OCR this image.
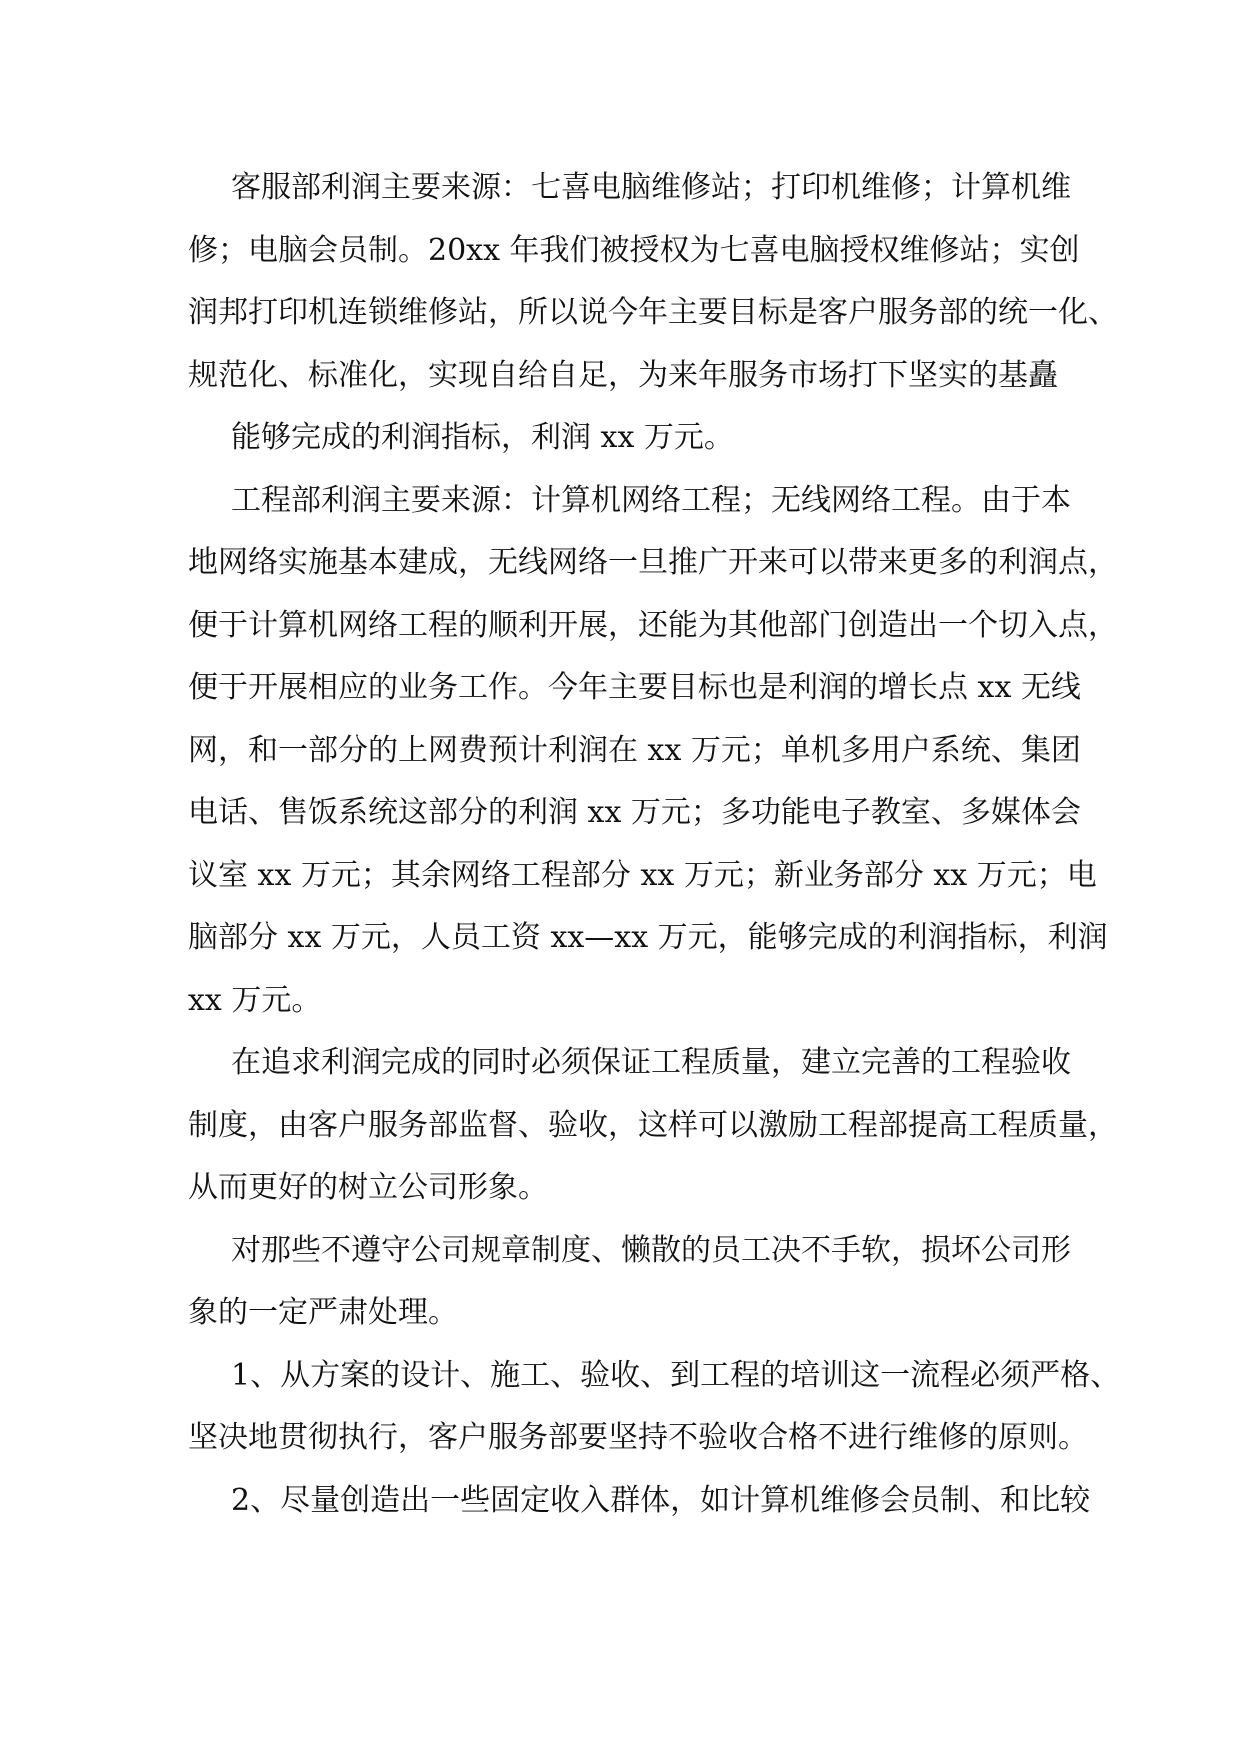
客服部利润主要来源：七喜电脑维修站；打印机维修；计算机维
修；电脑会员制。20xx 年我们被授权为七喜电脑授权维修站；实创
润邦打印机连锁维修站，所以说今年主要目标是客户服务部的统一化、
规范化、标准化，实现自给自足，为来年服务市场打下坚实的基矗

能够完成的利润指标，利润 xx 万元。

工程部利润主要来源：计算机网络工程；无线网络工程。由于本
地网络实施基本建成，无线网络一旦推广开来可以带来更多的利润点，
便于计算机网络工程的顺利开展，还能为其他部门创造出一个切入点，
便于开展相应的业务工作。今年主要目标也是利润的增长点 xx 无线
网，和一部分的上网费预计利润在 xx 万元；单机多用户系统、集团
电话、售饭系统这部分的利润 xx 万元；多功能电子教室、多媒体会
议室 xx 万元；其余网络工程部分 xx 万元；新业务部分 xx 万元；电
脑部分 xx 万元，人员工资 xx—xx 万元，能够完成的利润指标，利润
xx 万元。

在追求利润完成的同时必须保证工程质量，建立完善的工程验收
制度，由客户服务部监督、验收，这样可以激励工程部提高工程质量，
从而更好的树立公司形象。

对那些不遵守公司规章制度、懒散的员工决不手软，损坏公司形
象的一定严肃处理。

1、从方案的设计、施工、验收、到工程的培训这一流程必须严格、
坚决地贯彻执行，客户服务部要坚持不验收合格不进行维修的原则。

2、尽量创造出一些固定收入群体，如计算机维修会员制、和比较
